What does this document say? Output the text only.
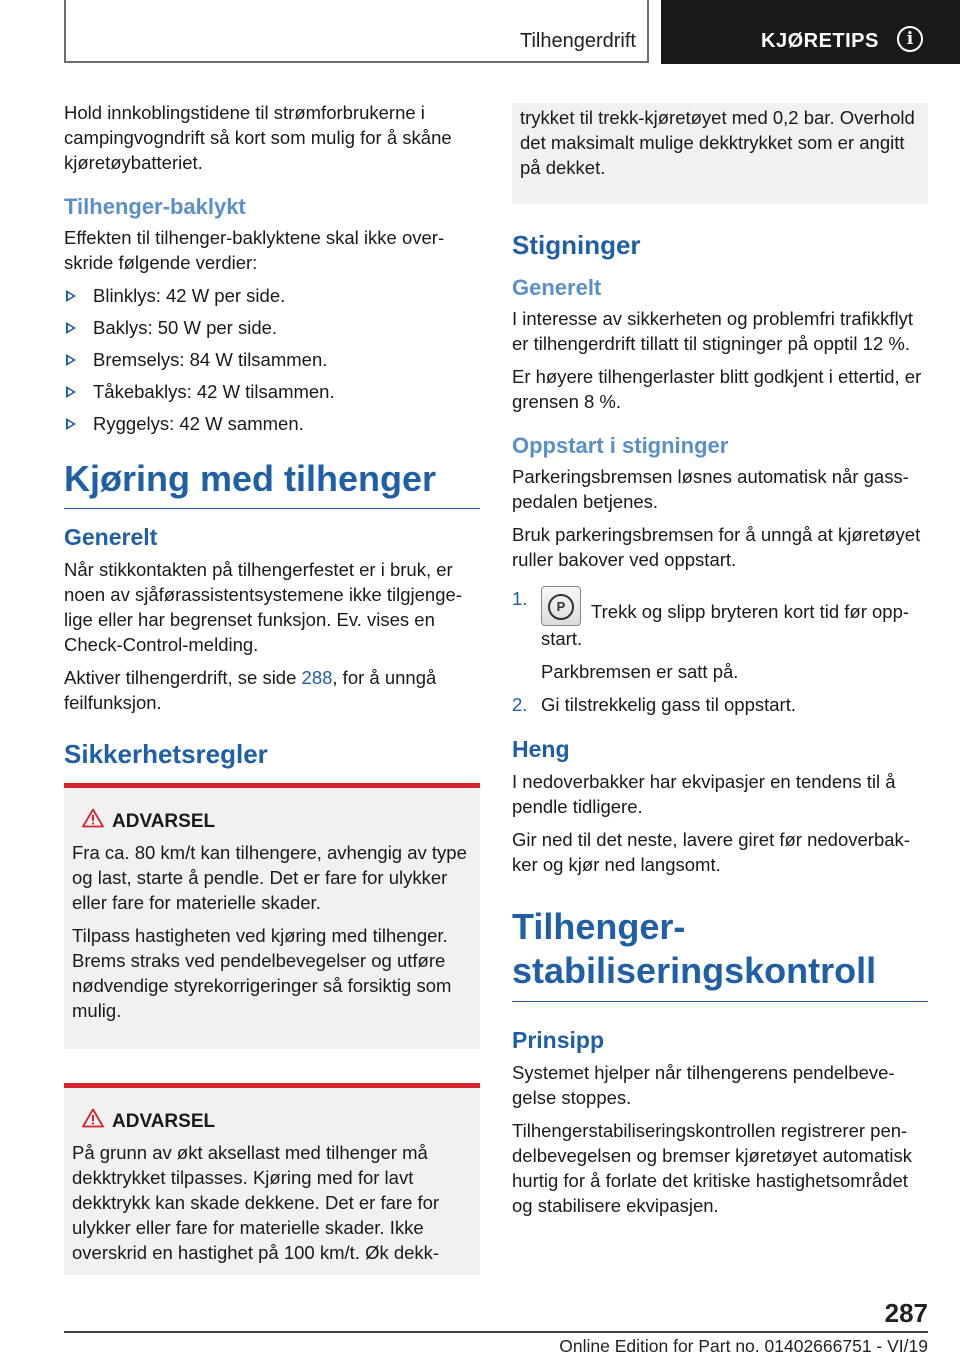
Tilhengerdrift	KJØRETIPS	i

Hold innkoblingstidene til strømforbrukerne i campingvogndrift så kort som mulig for å skåne kjøretøybatteriet.

Tilhenger-baklykt

Effekten til tilhenger-baklyktene skal ikke overskride følgende verdier:

Blinklys: 42 W per side.
Baklys: 50 W per side.
Bremselys: 84 W tilsammen.
Tåkebaklys: 42 W tilsammen.
Ryggelys: 42 W sammen.
Kjøring med tilhenger
Generelt

Når stikkontakten på tilhengerfestet er i bruk, er noen av sjåførassistentsystemene ikke tilgjengelige eller har begrenset funksjon. Ev. vises en Check-Control-melding.

Aktiver tilhengerdrift, se side 288, for å unngå feilfunksjon.

Sikkerhetsregler
ADVARSEL

Fra ca. 80 km/t kan tilhengere, avhengig av type og last, starte å pendle. Det er fare for ulykker eller fare for materielle skader.

Tilpass hastigheten ved kjøring med tilhenger. Brems straks ved pendelbevegelser og utføre nødvendige styrekorrigeringer så forsiktig som mulig.

ADVARSEL

På grunn av økt aksellast med tilhenger må dekktrykket tilpasses. Kjøring med for lavt dekktrykk kan skade dekkene. Det er fare for ulykker eller fare for materielle skader. Ikke overskrid en hastighet på 100 km/t. Øk dekk-

trykket til trekk-kjøretøyet med 0,2 bar. Overhold det maksimalt mulige dekktrykket som er angitt på dekket.

Stigninger
Generelt

I interesse av sikkerheten og problemfri trafikkflyt er tilhengerdrift tillatt til stigninger på opptil 12 %.

Er høyere tilhengerlaster blitt godkjent i ettertid, er grensen 8 %.

Oppstart i stigninger

Parkeringsbremsen løsnes automatisk når gasspedalen betjenes.

Bruk parkeringsbremsen for å unngå at kjøretøyet ruller bakover ved oppstart.

1.	P	Trekk og slipp bryteren kort tid før oppstart.
Parkbremsen er satt på.
2. Gi tilstrekkelig gass til oppstart.
Heng

I nedoverbakker har ekvipasjer en tendens til å pendle tidligere.

Gir ned til det neste, lavere giret før nedoverbakker og kjør ned langsomt.

Tilhenger-
stabiliseringskontroll
Prinsipp

Systemet hjelper når tilhengerens pendelbevegelse stoppes.

Tilhengerstabiliseringskontrollen registrerer pendelbevegelsen og bremser kjøretøyet automatisk hurtig for å forlate det kritiske hastighetsområdet og stabilisere ekvipasjen.

287
Online Edition for Part no. 01402666751 - VI/19
